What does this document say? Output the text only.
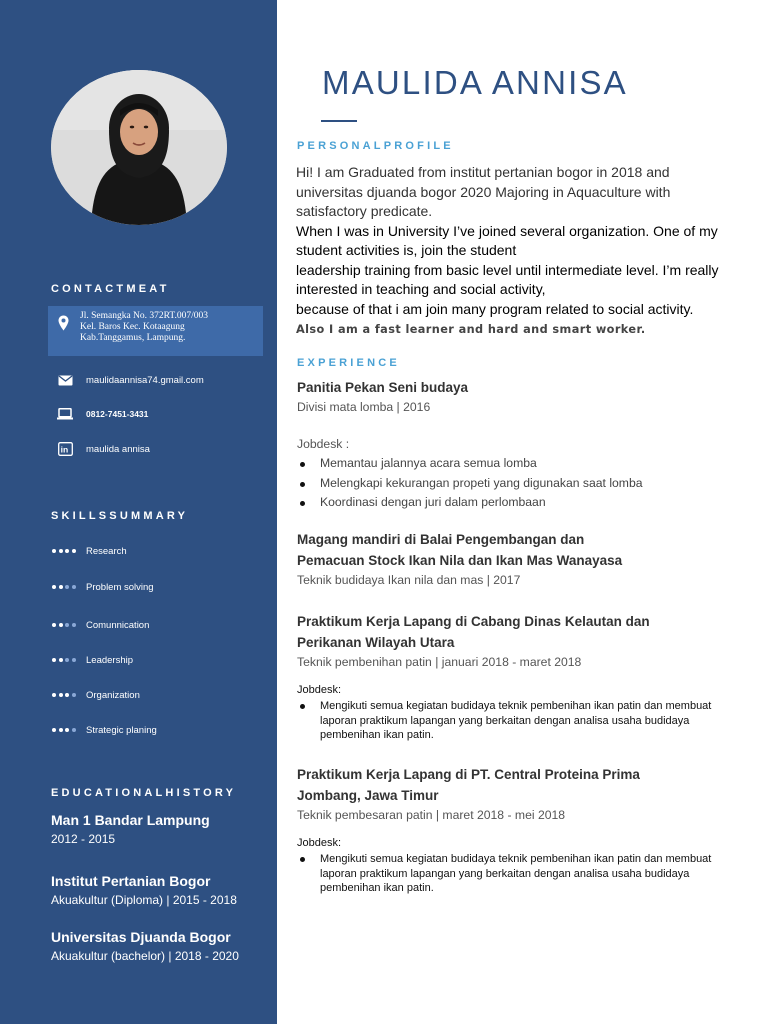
CONTACTMEAT
Jl. Semangka No. 372RT.007/003
Kel. Baros Kec. Kotaagung
Kab.Tanggamus, Lampung.
maulidaannisa74.gmail.com
0812-7451-3431
in maulida annisa
SKILLSSUMMARY
Research
Problem solving
Comunnication
Leadership
Organization
Strategic planing
EDUCATIONALHISTORY
Man 1 Bandar Lampung
2012 - 2015
Institut Pertanian Bogor
Akuakultur (Diploma) | 2015 - 2018
Universitas Djuanda Bogor
Akuakultur (bachelor) | 2018 - 2020
MAULIDA ANNISA
PERSONALPROFILE

Hi! I am Graduated from institut pertanian bogor in 2018 and

universitas djuanda bogor 2020 Majoring in Aquaculture with

satisfactory predicate.

When I was in University I’ve joined several organization. One of my

student activities is, join the student

leadership training from basic level until intermediate level. I’m really

interested in teaching and social activity,

because of that i am join many program related to social activity.

Also I am a fast learner and hard and smart worker.

EXPERIENCE
Panitia Pekan Seni budaya
Divisi mata lomba | 2016
Jobdesk :
Memantau jalannya acara semua lomba
Melengkapi kekurangan propeti yang digunakan saat lomba
Koordinasi dengan juri dalam perlombaan
Magang mandiri di Balai Pengembangan dan
Pemacuan Stock Ikan Nila dan Ikan Mas Wanayasa
Teknik budidaya Ikan nila dan mas | 2017
Praktikum Kerja Lapang di Cabang Dinas Kelautan dan
Perikanan Wilayah Utara
Teknik pembenihan patin | januari 2018 - maret 2018
Jobdesk:
Mengikuti semua kegiatan budidaya teknik pembenihan ikan patin dan membuat
laporan praktikum lapangan yang berkaitan dengan analisa usaha budidaya
pembenihan ikan patin.
Praktikum Kerja Lapang di PT. Central Proteina Prima
Jombang, Jawa Timur
Teknik pembesaran patin | maret 2018 - mei 2018
Jobdesk:
Mengikuti semua kegiatan budidaya teknik pembenihan ikan patin dan membuat
laporan praktikum lapangan yang berkaitan dengan analisa usaha budidaya
pembenihan ikan patin.
